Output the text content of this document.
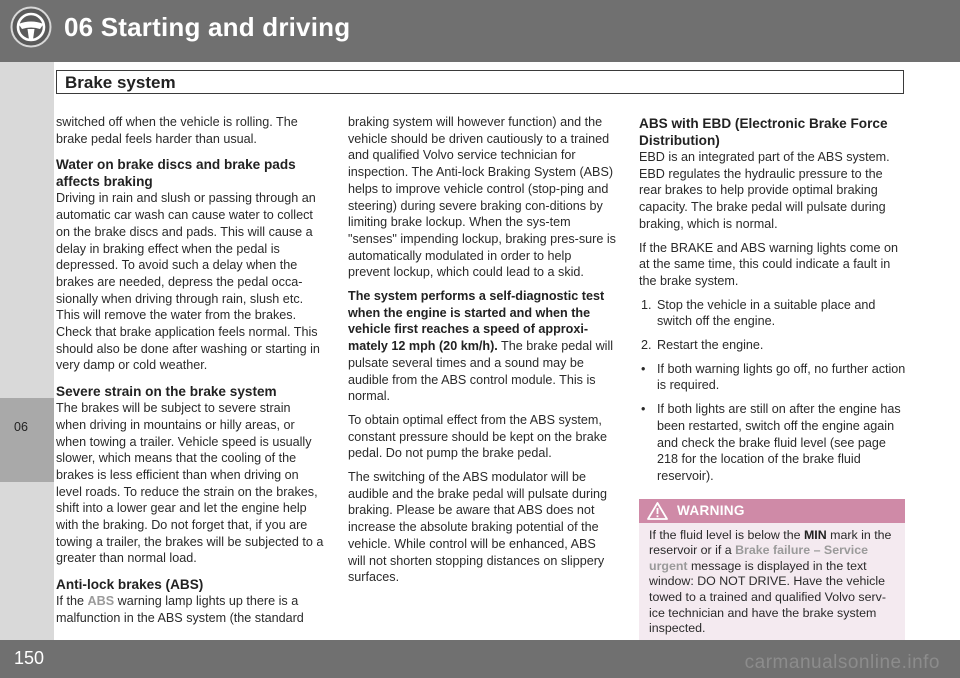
06 Starting and driving
Brake system
06

switched off when the vehicle is rolling. The brake pedal feels harder than usual.

Water on brake discs and brake pads affects braking

Driving in rain and slush or passing through an automatic car wash can cause water to collect on the brake discs and pads. This will cause a delay in braking effect when the pedal is depressed. To avoid such a delay when the brakes are needed, depress the pedal occa-sionally when driving through rain, slush etc. This will remove the water from the brakes. Check that brake application feels normal. This should also be done after washing or starting in very damp or cold weather.

Severe strain on the brake system

The brakes will be subject to severe strain when driving in mountains or hilly areas, or when towing a trailer. Vehicle speed is usually slower, which means that the cooling of the brakes is less efficient than when driving on level roads. To reduce the strain on the brakes, shift into a lower gear and let the engine help with the braking. Do not forget that, if you are towing a trailer, the brakes will be subjected to a greater than normal load.

Anti-lock brakes (ABS)

If the ABS warning lamp lights up there is a malfunction in the ABS system (the standard

braking system will however function) and the vehicle should be driven cautiously to a trained and qualified Volvo service technician for inspection. The Anti-lock Braking System (ABS) helps to improve vehicle control (stop-ping and steering) during severe braking con-ditions by limiting brake lockup. When the sys-tem "senses" impending lockup, braking pres-sure is automatically modulated in order to help prevent lockup, which could lead to a skid.

The system performs a self-diagnostic test when the engine is started and when the vehicle first reaches a speed of approxi-mately 12 mph (20 km/h). The brake pedal will pulsate several times and a sound may be audible from the ABS control module. This is normal.

To obtain optimal effect from the ABS system, constant pressure should be kept on the brake pedal. Do not pump the brake pedal.

The switching of the ABS modulator will be audible and the brake pedal will pulsate during braking. Please be aware that ABS does not increase the absolute braking potential of the vehicle. While control will be enhanced, ABS will not shorten stopping distances on slippery surfaces.

ABS with EBD (Electronic Brake Force Distribution)

EBD is an integrated part of the ABS system. EBD regulates the hydraulic pressure to the rear brakes to help provide optimal braking capacity. The brake pedal will pulsate during braking, which is normal.

If the BRAKE and ABS warning lights come on at the same time, this could indicate a fault in the brake system.

1. Stop the vehicle in a suitable place and switch off the engine.
2. Restart the engine.
• If both warning lights go off, no further action is required.
• If both lights are still on after the engine has been restarted, switch off the engine again and check the brake fluid level (see page 218 for the location of the brake fluid reservoir).
WARNING
If the fluid level is below the MIN mark in the reservoir or if a Brake failure – Service urgent message is displayed in the text window: DO NOT DRIVE. Have the vehicle towed to a trained and qualified Volvo serv-ice technician and have the brake system inspected.
150	carmanualsonline.info
